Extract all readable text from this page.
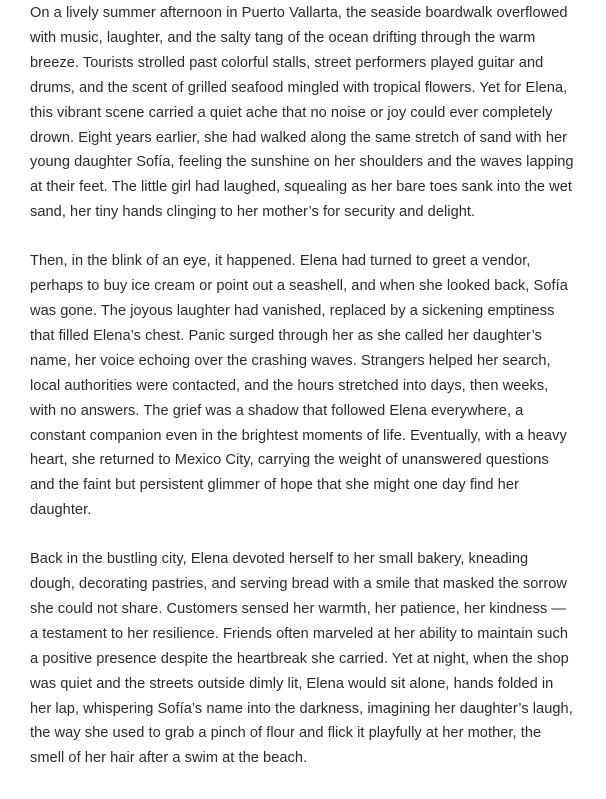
On a lively summer afternoon in Puerto Vallarta, the seaside boardwalk overflowed with music, laughter, and the salty tang of the ocean drifting through the warm breeze. Tourists strolled past colorful stalls, street performers played guitar and drums, and the scent of grilled seafood mingled with tropical flowers. Yet for Elena, this vibrant scene carried a quiet ache that no noise or joy could ever completely drown. Eight years earlier, she had walked along the same stretch of sand with her young daughter Sofía, feeling the sunshine on her shoulders and the waves lapping at their feet. The little girl had laughed, squealing as her bare toes sank into the wet sand, her tiny hands clinging to her mother’s for security and delight.

Then, in the blink of an eye, it happened. Elena had turned to greet a vendor, perhaps to buy ice cream or point out a seashell, and when she looked back, Sofía was gone. The joyous laughter had vanished, replaced by a sickening emptiness that filled Elena’s chest. Panic surged through her as she called her daughter’s name, her voice echoing over the crashing waves. Strangers helped her search, local authorities were contacted, and the hours stretched into days, then weeks, with no answers. The grief was a shadow that followed Elena everywhere, a constant companion even in the brightest moments of life. Eventually, with a heavy heart, she returned to Mexico City, carrying the weight of unanswered questions and the faint but persistent glimmer of hope that she might one day find her daughter.

Back in the bustling city, Elena devoted herself to her small bakery, kneading dough, decorating pastries, and serving bread with a smile that masked the sorrow she could not share. Customers sensed her warmth, her patience, her kindness — a testament to her resilience. Friends often marveled at her ability to maintain such a positive presence despite the heartbreak she carried. Yet at night, when the shop was quiet and the streets outside dimly lit, Elena would sit alone, hands folded in her lap, whispering Sofía’s name into the darkness, imagining her daughter’s laugh, the way she used to grab a pinch of flour and flick it playfully at her mother, the smell of her hair after a swim at the beach.
